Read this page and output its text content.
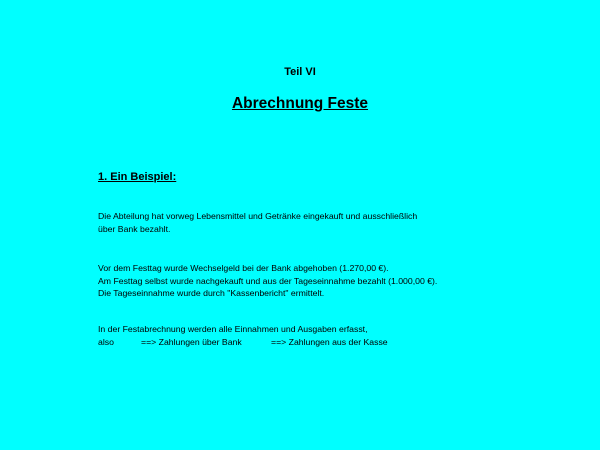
Teil VI
Abrechnung Feste
1. Ein Beispiel:
Die Abteilung hat vorweg Lebensmittel und Getränke eingekauft und ausschließlich
über Bank bezahlt.
Vor dem Festtag wurde Wechselgeld bei der Bank abgehoben (1.270,00 €).
Am Festtag selbst wurde nachgekauft und aus der Tageseinnahme bezahlt (1.000,00 €).
Die Tageseinnahme wurde durch "Kassenbericht" ermittelt.
In der Festabrechnung werden alle Einnahmen und Ausgaben erfasst,
also	==> Zahlungen über Bank	==> Zahlungen aus der Kasse
